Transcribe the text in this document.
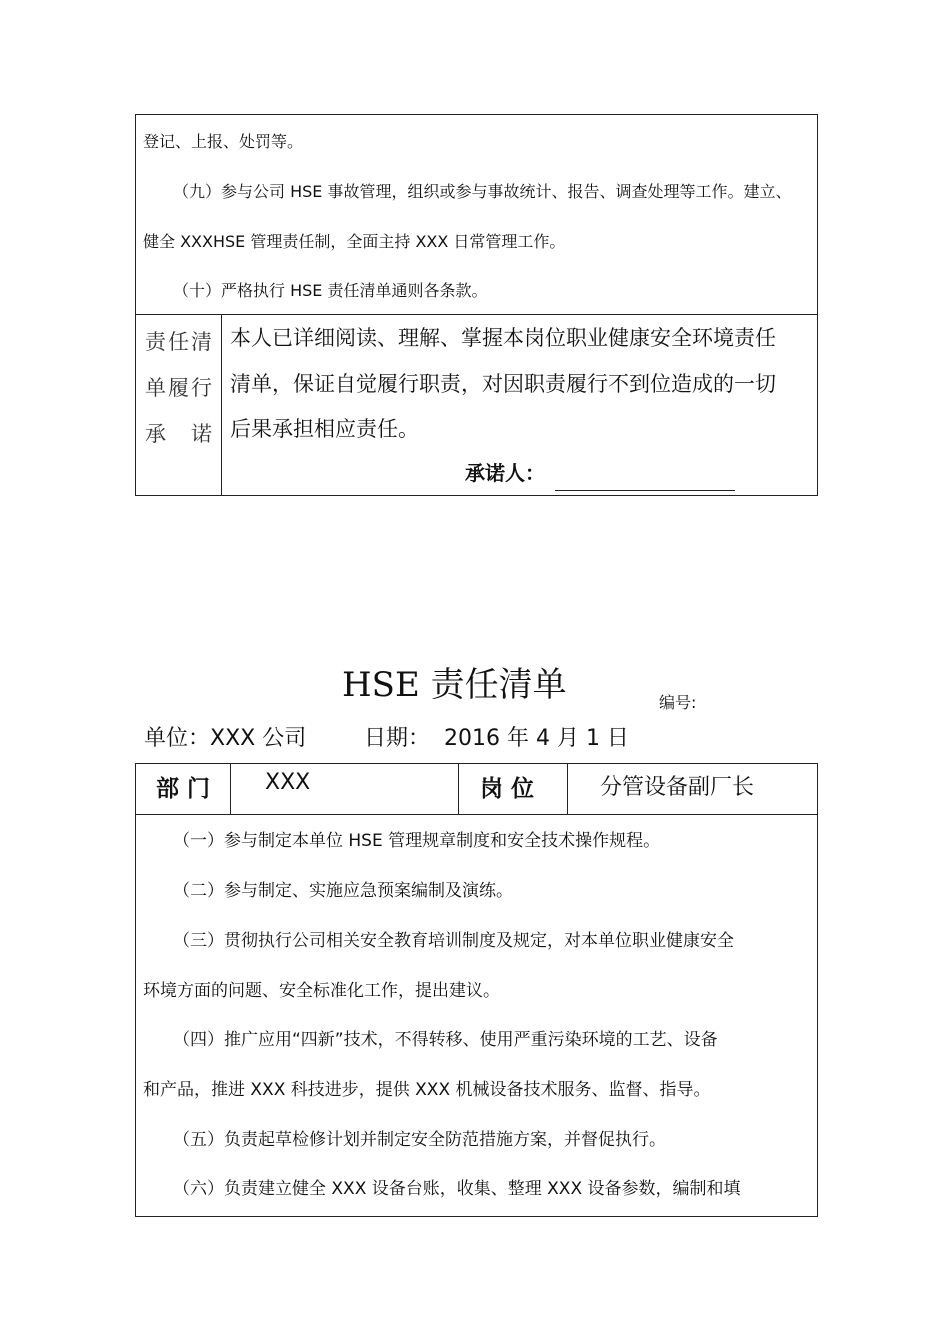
登记、上报、处罚等。
（九）参与公司 HSE 事故管理，组织或参与事故统计、报告、调查处理等工作。建立、
健全 XXXHSE 管理责任制，全面主持 XXX 日常管理工作。
（十）严格执行 HSE 责任清单通则各条款。
责任清
单履行
承　诺
本人已详细阅读、理解、掌握本岗位职业健康安全环境责任
清单，保证自觉履行职责，对因职责履行不到位造成的一切
后果承担相应责任。
承诺人：
HSE 责任清单	编号:
单位：XXX 公司	日期：  2016 年 4 月 1 日
部 门 XXX	岗 位	分管设备副厂长
（一）参与制定本单位 HSE 管理规章制度和安全技术操作规程。
（二）参与制定、实施应急预案编制及演练。
（三）贯彻执行公司相关安全教育培训制度及规定，对本单位职业健康安全
环境方面的问题、安全标准化工作，提出建议。
（四）推广应用“四新”技术，不得转移、使用严重污染环境的工艺、设备
和产品，推进 XXX 科技进步，提供 XXX 机械设备技术服务、监督、指导。
（五）负责起草检修计划并制定安全防范措施方案，并督促执行。
（六）负责建立健全 XXX 设备台账，收集、整理 XXX 设备参数，编制和填
